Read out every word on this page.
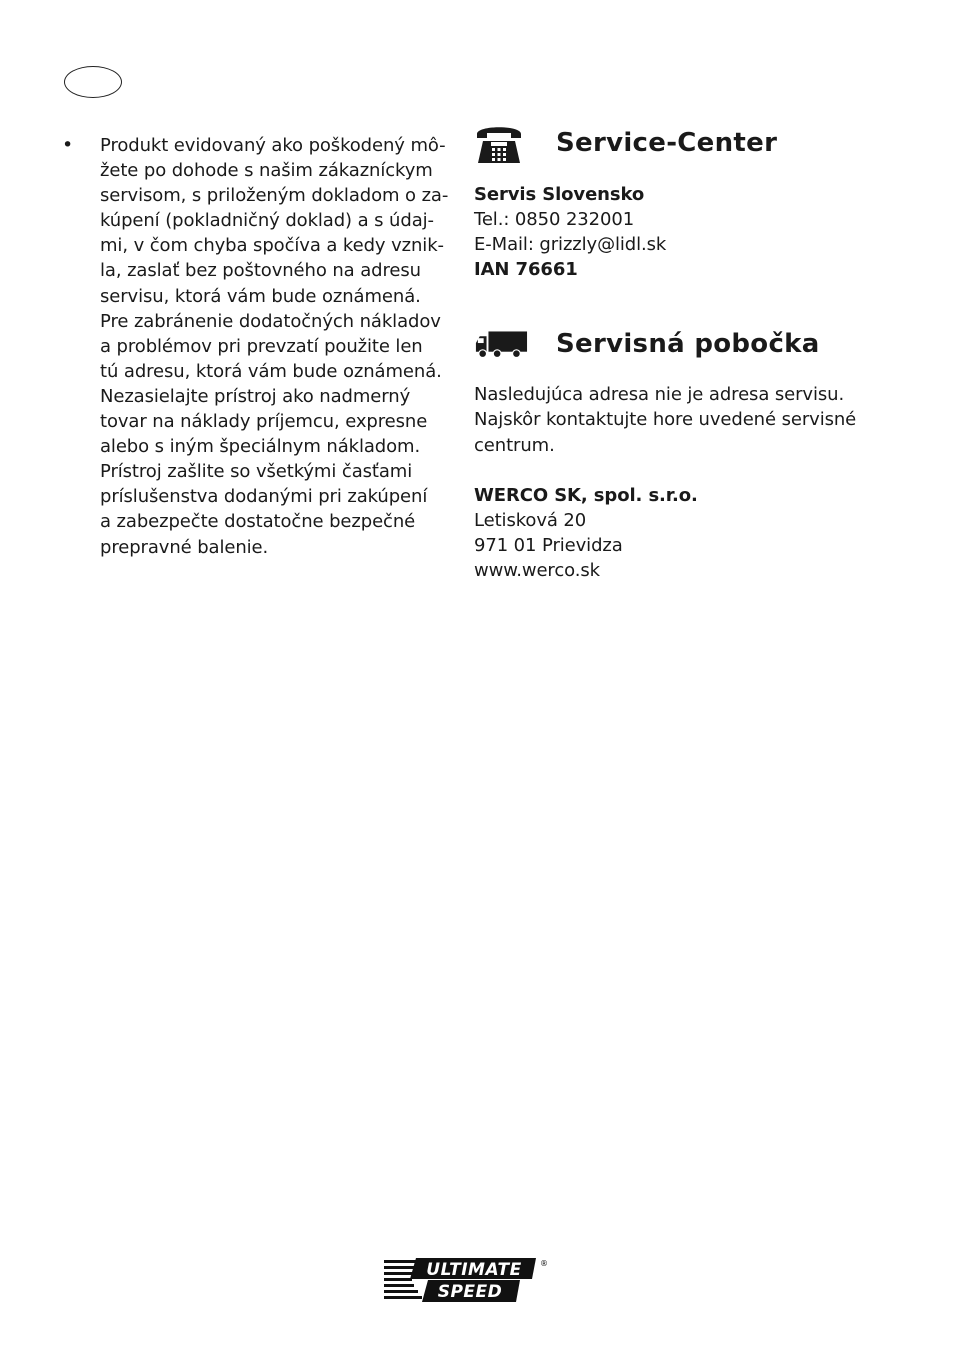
•	Produkt evidovaný ako poškodený mô-
žete po dohode s našim zákazníckym
servisom, s priloženým dokladom o za-
kúpení (pokladničný doklad) a s údaj-
mi, v čom chyba spočíva a kedy vznik-
la, zaslať bez poštovného na adresu
servisu, ktorá vám bude oznámená.
Pre zabránenie dodatočných nákladov
a problémov pri prevzatí použite len
tú adresu, ktorá vám bude oznámená.
Nezasielajte prístroj ako nadmerný
tovar na náklady príjemcu, expresne
alebo s iným špeciálnym nákladom.
Prístroj zašlite so všetkými časťami
príslušenstva dodanými pri zakúpení
a zabezpečte dostatočne bezpečné
prepravné balenie.

Service-Center
Servis Slovensko
Tel.: 0850 232001
E-Mail: grizzly@lidl.sk
IAN 76661
Servisná pobočka
Nasledujúca adresa nie je adresa servisu.
Najskôr kontaktujte hore uvedené servisné
centrum.
WERCO SK, spol. s.r.o.
Letisková 20
971 01 Prievidza
www.werco.sk
ULTIMATE
SPEED
®
